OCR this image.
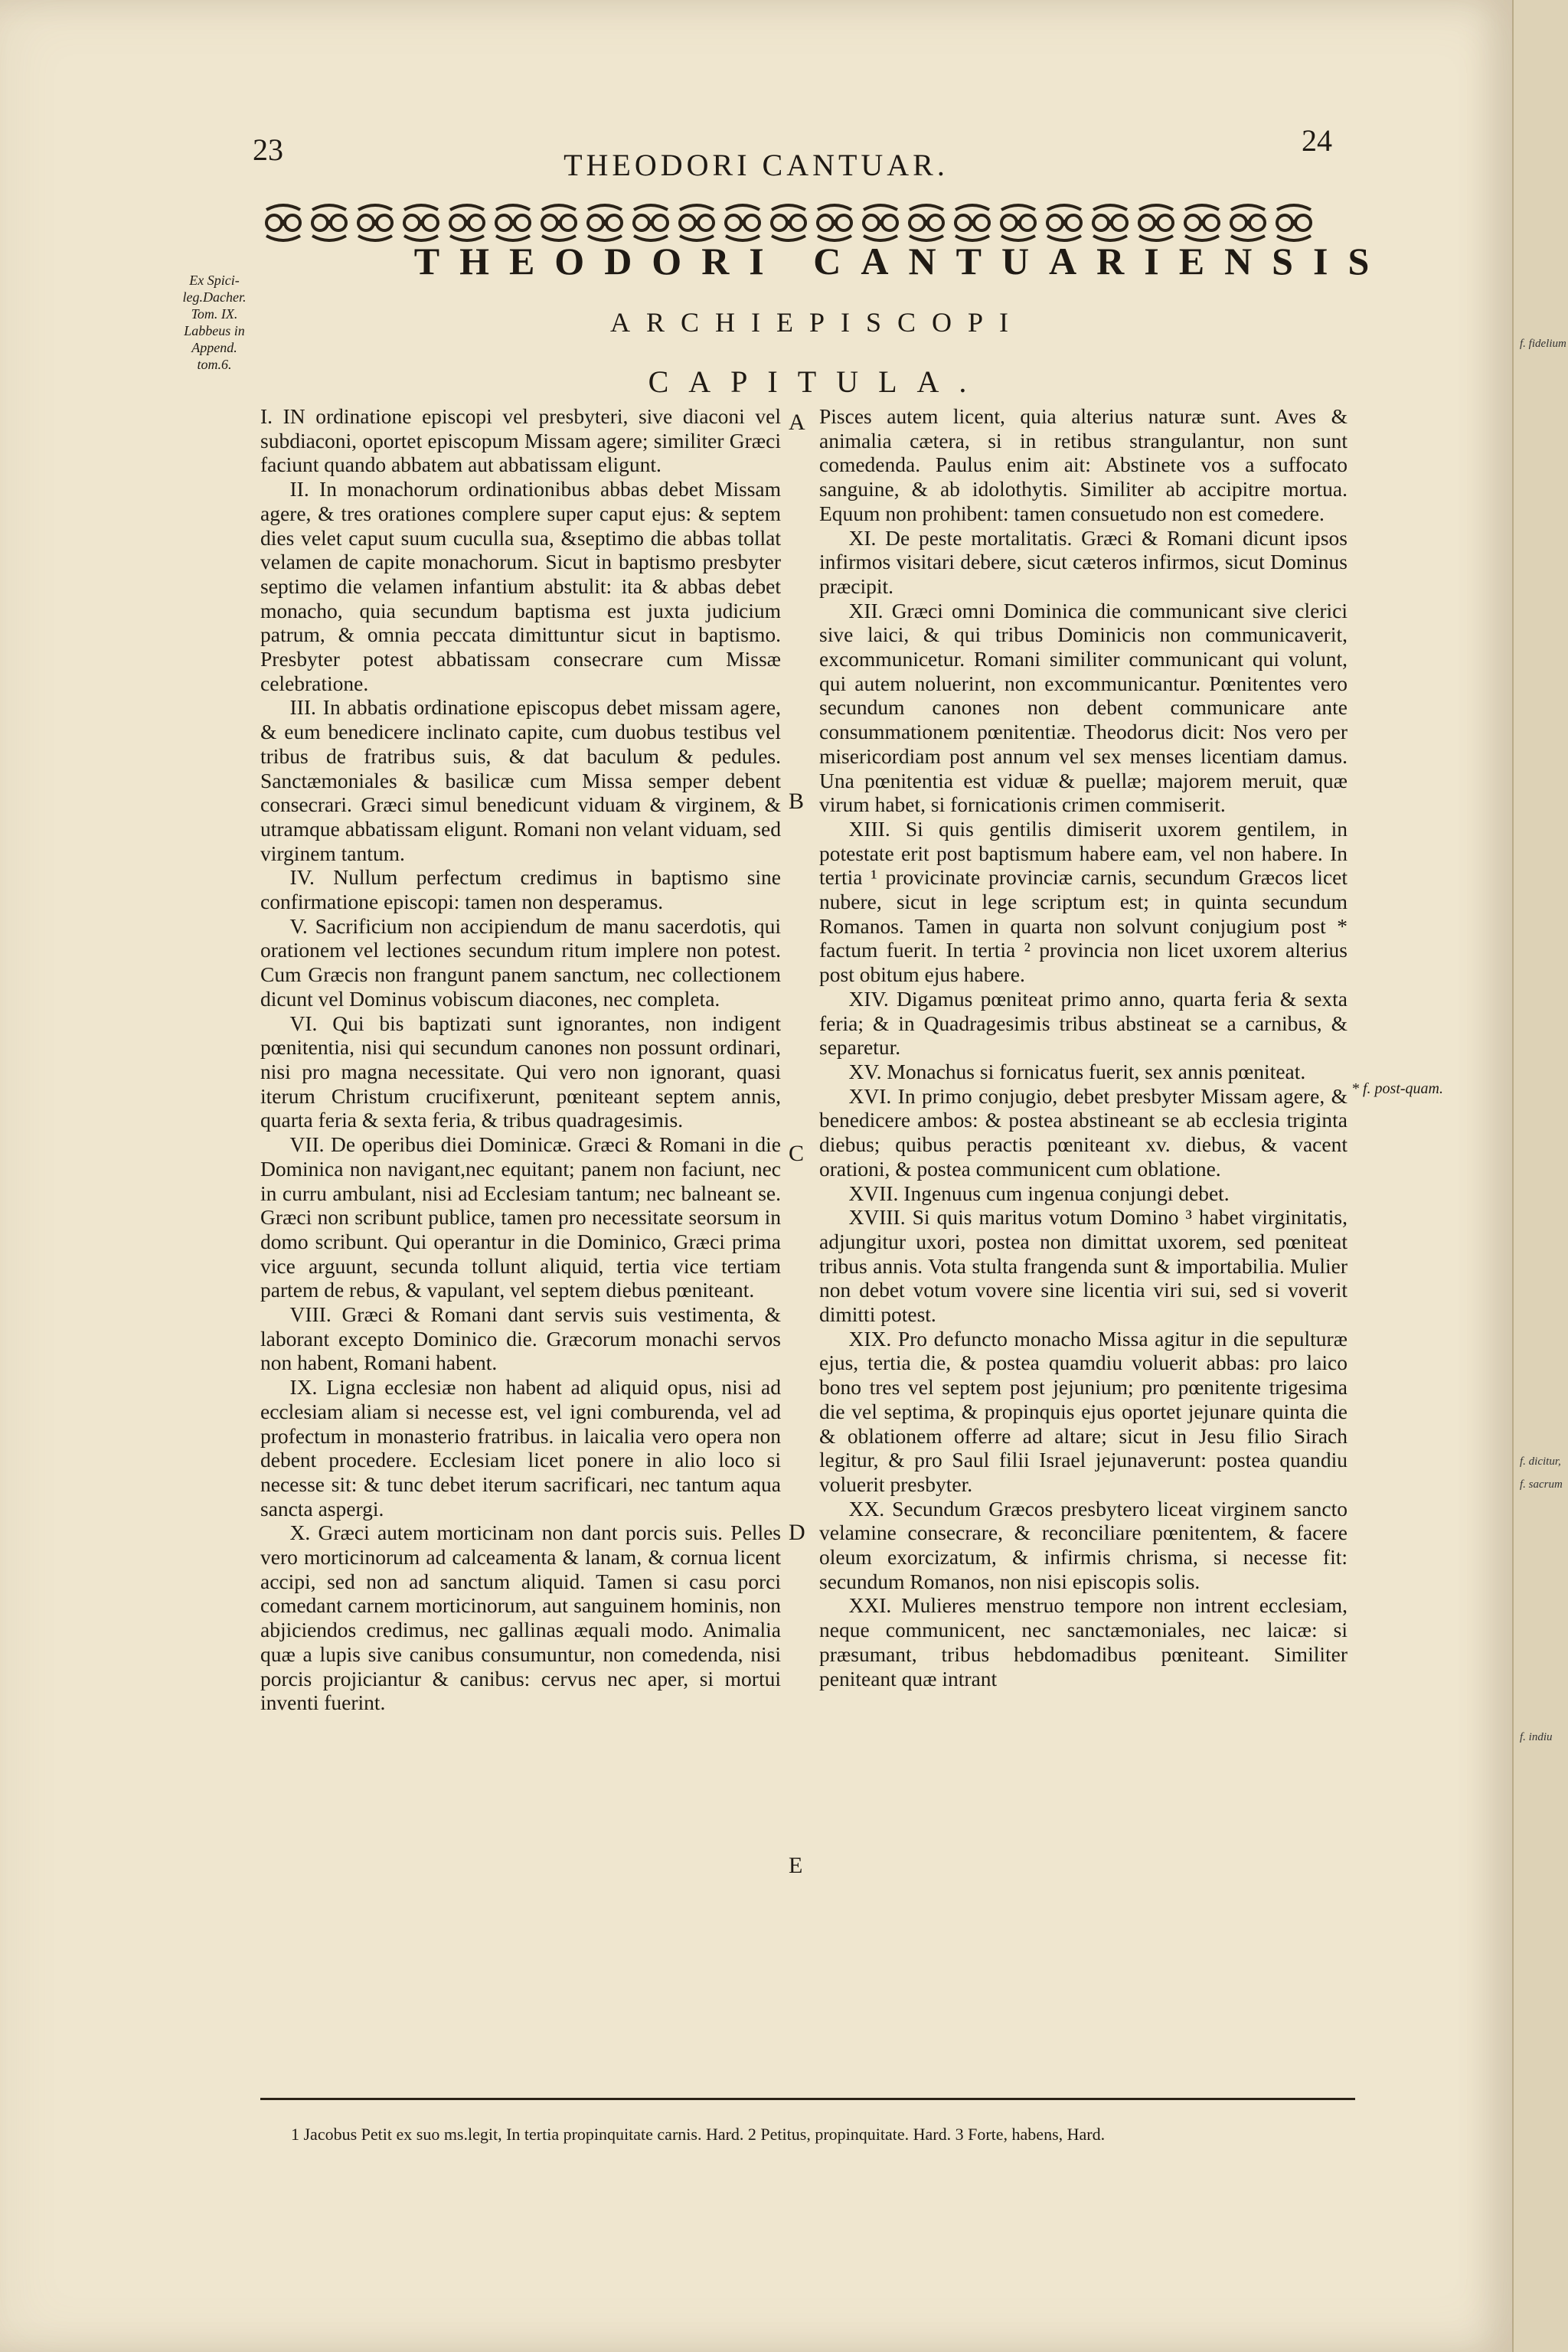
23	24
THEODORI CANTUAR.
Ex Spici-
leg.Dacher.
Tom. IX.
Labbeus in
Append.
tom.6.
THEODORI CANTUARIENSIS
ARCHIEPISCOPI
CAPITULA.

I. IN ordinatione episcopi vel presbyteri, sive diaconi vel subdiaconi, oportet episcopum Missam agere; similiter Græci faciunt quando abbatem aut abbatissam eligunt.

II. In monachorum ordinationibus abbas debet Missam agere, & tres orationes complere super caput ejus: & septem dies velet caput suum cuculla sua, &septimo die abbas tollat velamen de capite monachorum. Sicut in baptismo presbyter septimo die velamen infantium abstulit: ita & abbas debet monacho, quia secundum baptisma est juxta judicium patrum, & omnia peccata dimittuntur sicut in baptismo. Presbyter potest abbatissam consecrare cum Missæ celebratione.

III. In abbatis ordinatione episcopus debet missam agere, & eum benedicere inclinato capite, cum duobus testibus vel tribus de fratribus suis, & dat baculum & pedules. Sanctæmoniales & basilicæ cum Missa semper debent consecrari. Græci simul benedicunt viduam & virginem, & utramque abbatissam eligunt. Romani non velant viduam, sed virginem tantum.

IV. Nullum perfectum credimus in baptismo sine confirmatione episcopi: tamen non desperamus.

V. Sacrificium non accipiendum de manu sacerdotis, qui orationem vel lectiones secundum ritum implere non potest. Cum Græcis non frangunt panem sanctum, nec collectionem dicunt vel Dominus vobiscum diacones, nec completa.

VI. Qui bis baptizati sunt ignorantes, non indigent pœnitentia, nisi qui secundum canones non possunt ordinari, nisi pro magna necessitate. Qui vero non ignorant, quasi iterum Christum crucifixerunt, pœniteant septem annis, quarta feria & sexta feria, & tribus quadragesimis.

VII. De operibus diei Dominicæ. Græci & Romani in die Dominica non navigant,nec equitant; panem non faciunt, nec in curru ambulant, nisi ad Ecclesiam tantum; nec balneant se. Græci non scribunt publice, tamen pro necessitate seorsum in domo scribunt. Qui operantur in die Dominico, Græci prima vice arguunt, secunda tollunt aliquid, tertia vice tertiam partem de rebus, & vapulant, vel septem diebus pœniteant.

VIII. Græci & Romani dant servis suis vestimenta, & laborant excepto Dominico die. Græcorum monachi servos non habent, Romani habent.

IX. Ligna ecclesiæ non habent ad aliquid opus, nisi ad ecclesiam aliam si necesse est, vel igni comburenda, vel ad profectum in monasterio fratribus. in laicalia vero opera non debent procedere. Ecclesiam licet ponere in alio loco si necesse sit: & tunc debet iterum sacrificari, nec tantum aqua sancta aspergi.

X. Græci autem morticinam non dant porcis suis. Pelles vero morticinorum ad calceamenta & lanam, & cornua licent accipi, sed non ad sanctum aliquid. Tamen si casu porci comedant carnem morticinorum, aut sanguinem hominis, non abjiciendos credimus, nec gallinas æquali modo. Animalia quæ a lupis sive canibus consumuntur, non comedenda, nisi porcis projiciantur & canibus: cervus nec aper, si mortui inventi fuerint.

A
B
C
D
E

Pisces autem licent, quia alterius naturæ sunt. Aves & animalia cætera, si in retibus strangulantur, non sunt comedenda. Paulus enim ait: Abstinete vos a suffocato sanguine, & ab idolothytis. Similiter ab accipitre mortua. Equum non prohibent: tamen consuetudo non est comedere.

XI. De peste mortalitatis. Græci & Romani dicunt ipsos infirmos visitari debere, sicut cæteros infirmos, sicut Dominus præcipit.

XII. Græci omni Dominica die communicant sive clerici sive laici, & qui tribus Dominicis non communicaverit, excommunicetur. Romani similiter communicant qui volunt, qui autem noluerint, non excommunicantur. Pœnitentes vero secundum canones non debent communicare ante consummationem pœnitentiæ. Theodorus dicit: Nos vero per misericordiam post annum vel sex menses licentiam damus. Una pœnitentia est viduæ & puellæ; majorem meruit, quæ virum habet, si fornicationis crimen commiserit.

XIII. Si quis gentilis dimiserit uxorem gentilem, in potestate erit post baptismum habere eam, vel non habere. In tertia ¹ provicinate provinciæ carnis, secundum Græcos licet nubere, sicut in lege scriptum est; in quinta secundum Romanos. Tamen in quarta non solvunt conjugium post * factum fuerit. In tertia ² provincia non licet uxorem alterius post obitum ejus habere.

XIV. Digamus pœniteat primo anno, quarta feria & sexta feria; & in Quadragesimis tribus abstineat se a carnibus, & separetur.

XV. Monachus si fornicatus fuerit, sex annis pœniteat.

XVI. In primo conjugio, debet presbyter Missam agere, & benedicere ambos: & postea abstineant se ab ecclesia triginta diebus; quibus peractis pœniteant xv. diebus, & vacent orationi, & postea communicent cum oblatione.

XVII. Ingenuus cum ingenua conjungi debet.

XVIII. Si quis maritus votum Domino ³ habet virginitatis, adjungitur uxori, postea non dimittat uxorem, sed pœniteat tribus annis. Vota stulta frangenda sunt & importabilia. Mulier non debet votum vovere sine licentia viri sui, sed si voverit dimitti potest.

XIX. Pro defuncto monacho Missa agitur in die sepulturæ ejus, tertia die, & postea quamdiu voluerit abbas: pro laico bono tres vel septem post jejunium; pro pœnitente trigesima die vel septima, & propinquis ejus oportet jejunare quinta die & oblationem offerre ad altare; sicut in Jesu filio Sirach legitur, & pro Saul filii Israel jejunaverunt: postea quandiu voluerit presbyter.

XX. Secundum Græcos presbytero liceat virginem sancto velamine consecrare, & reconciliare pœnitentem, & facere oleum exorcizatum, & infirmis chrisma, si necesse fit: secundum Romanos, non nisi episcopis solis.

XXI. Mulieres menstruo tempore non intrent ecclesiam, neque communicent, nec sanctæmoniales, nec laicæ: si præsumant, tribus hebdomadibus pœniteant. Similiter peniteant quæ intrant

* f. post-quam.
1 Jacobus Petit ex suo ms.legit, In tertia propinquitate carnis. Hard. 2 Petitus, propinquitate. Hard. 3 Forte, habens, Hard.
f. fidelium
f. dicitur,
f. sacrum
f. indiu
